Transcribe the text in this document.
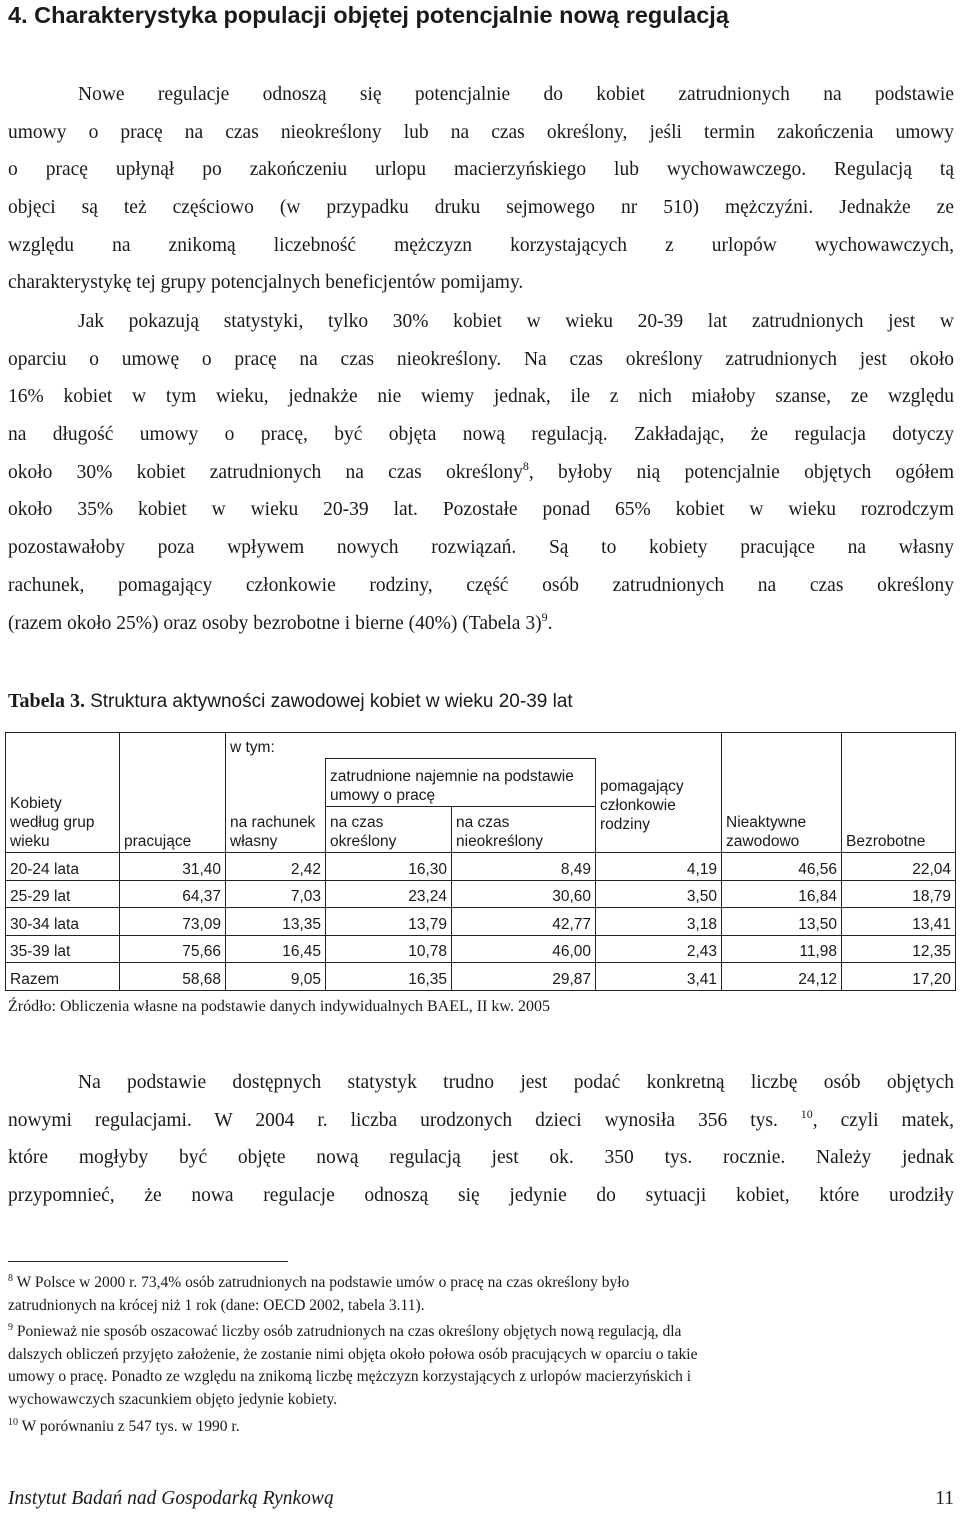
4. Charakterystyka populacji objętej potencjalnie nową regulacją
Nowe regulacje odnoszą się potencjalnie do kobiet zatrudnionych na podstawie
umowy o pracę na czas nieokreślony lub na czas określony, jeśli termin zakończenia umowy
o pracę upłynął po zakończeniu urlopu macierzyńskiego lub wychowawczego. Regulacją tą
objęci są też częściowo (w przypadku druku sejmowego nr 510) mężczyźni. Jednakże ze
względu na znikomą liczebność mężczyzn korzystających z urlopów wychowawczych,
charakterystykę tej grupy potencjalnych beneficjentów pomijamy.
Jak pokazują statystyki, tylko 30% kobiet w wieku 20-39 lat zatrudnionych jest w
oparciu o umowę o pracę na czas nieokreślony. Na czas określony zatrudnionych jest około
16% kobiet w tym wieku, jednakże nie wiemy jednak, ile z nich miałoby szanse, ze względu
na długość umowy o pracę, być objęta nową regulacją. Zakładając, że regulacja dotyczy
około 30% kobiet zatrudnionych na czas określony$^8$, byłoby nią potencjalnie objętych ogółem
około 35% kobiet w wieku 20-39 lat. Pozostałe ponad 65% kobiet w wieku rozrodczym
pozostawałoby poza wpływem nowych rozwiązań. Są to kobiety pracujące na własny
rachunek, pomagający członkowie rodziny, część osób zatrudnionych na czas określony
(razem około 25%) oraz osoby bezrobotne i bierne (40%) (Tabela 3)$^9$.
Tabela 3. Struktura aktywności zawodowej kobiet w wieku 20-39 lat
Kobiety według grup wieku	pracujące	w tym:				Nieaktywne zawodowo	Bezrobotne
		na rachunek własny	zatrudnione najemnie na podstawie umowy o pracę		pomagający członkowie rodziny		
			na czas określony	na czas nieokreślony			
20-24 lata	31,40	2,42	16,30	8,49	4,19	46,56	22,04
25-29 lat	64,37	7,03	23,24	30,60	3,50	16,84	18,79
30-34 lata	73,09	13,35	13,79	42,77	3,18	13,50	13,41
35-39 lat	75,66	16,45	10,78	46,00	2,43	11,98	12,35
Razem	58,68	9,05	16,35	29,87	3,41	24,12	17,20
Źródło: Obliczenia własne na podstawie danych indywidualnych BAEL, II kw. 2005
Na podstawie dostępnych statystyk trudno jest podać konkretną liczbę osób objętych
nowymi regulacjami. W 2004 r. liczba urodzonych dzieci wynosiła 356 tys. $^{10}$, czyli matek,
które mogłyby być objęte nową regulacją jest ok. 350 tys. rocznie. Należy jednak
przypomnieć, że nowa regulacje odnoszą się jedynie do sytuacji kobiet, które urodziły
$^8$ W Polsce w 2000 r. 73,4% osób zatrudnionych na podstawie umów o pracę na czas określony było
zatrudnionych na krócej niż 1 rok (dane: OECD 2002, tabela 3.11).
$^9$ Ponieważ nie sposób oszacować liczby osób zatrudnionych na czas określony objętych nową regulacją, dla
dalszych obliczeń przyjęto założenie, że zostanie nimi objęta około połowa osób pracujących w oparciu o takie
umowy o pracę. Ponadto ze względu na znikomą liczbę mężczyzn korzystających z urlopów macierzyńskich i
wychowawczych szacunkiem objęto jedynie kobiety.
$^{10}$ W porównaniu z 547 tys. w 1990 r.
Instytut Badań nad Gospodarką Rynkową	11
